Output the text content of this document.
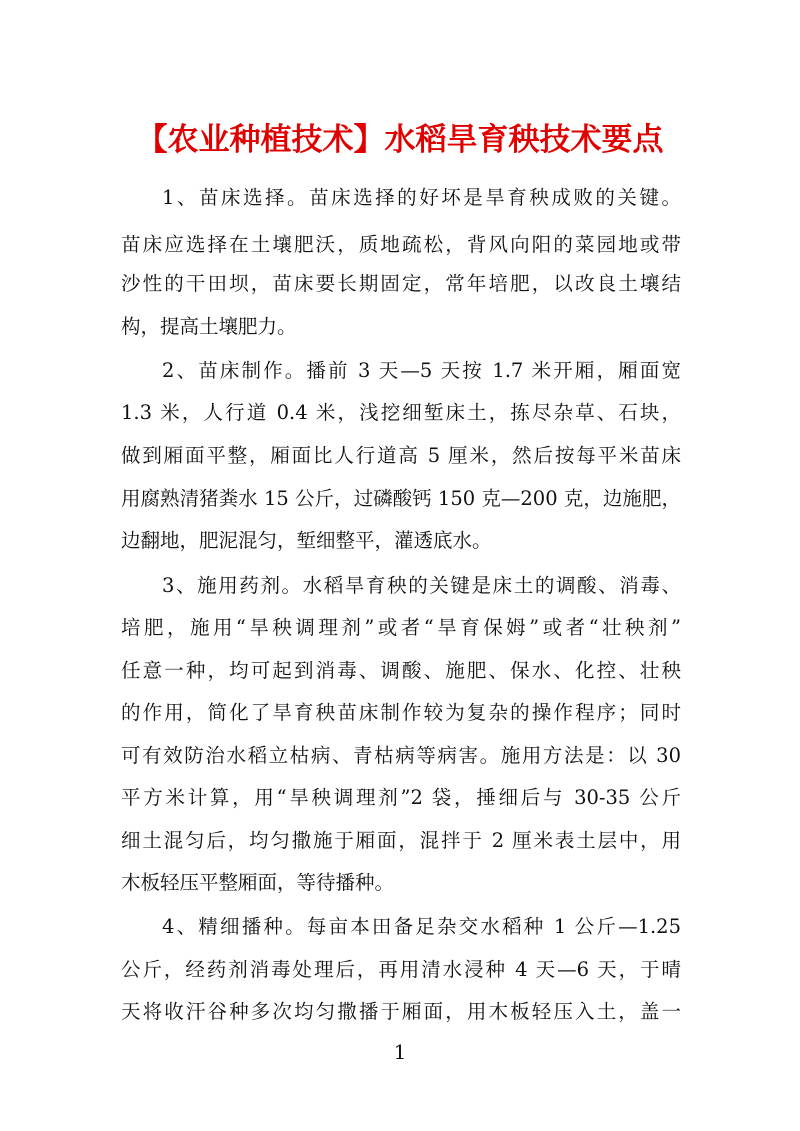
【农业种植技术】水稻旱育秧技术要点
1、苗床选择。苗床选择的好坏是旱育秧成败的关键。
苗床应选择在土壤肥沃，质地疏松，背风向阳的菜园地或带
沙性的干田坝，苗床要长期固定，常年培肥，以改良土壤结
构，提高土壤肥力。
2、苗床制作。播前 3 天—5 天按 1.7 米开厢，厢面宽
1.3 米，人行道 0.4 米，浅挖细堑床土，拣尽杂草、石块，
做到厢面平整，厢面比人行道高 5 厘米，然后按每平米苗床
用腐熟清猪粪水 15 公斤，过磷酸钙 150 克—200 克，边施肥，
边翻地，肥泥混匀，堑细整平，灌透底水。
3、施用药剂。水稻旱育秧的关键是床土的调酸、消毒、
培肥，施用“旱秧调理剂”或者“旱育保姆”或者“壮秧剂”
任意一种，均可起到消毒、调酸、施肥、保水、化控、壮秧
的作用，简化了旱育秧苗床制作较为复杂的操作程序；同时
可有效防治水稻立枯病、青枯病等病害。施用方法是：以 30
平方米计算，用“旱秧调理剂”2 袋，捶细后与 30-35 公斤
细土混匀后，均匀撒施于厢面，混拌于 2 厘米表土层中，用
木板轻压平整厢面，等待播种。
4、精细播种。每亩本田备足杂交水稻种 1 公斤—1.25
公斤，经药剂消毒处理后，再用清水浸种 4 天—6 天，于晴
天将收汗谷种多次均匀撒播于厢面，用木板轻压入土，盖一
1
